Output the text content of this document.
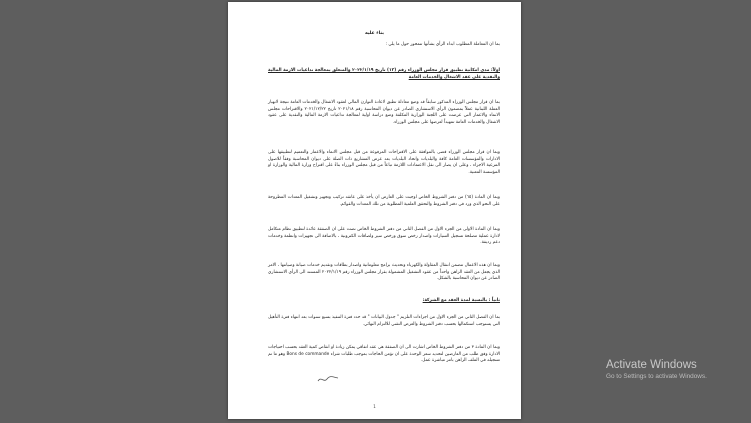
بناء عليه

بما ان المعاملة المطلوب ابداء الرأي بشأنها تتمحور حول ما يلي :

اولاً: مدى امكانية تطبيق قرار مجلس الوزراء رقم (١٣) تاريخ ٢٠٢٢/١/١٩ والمتعلق بمعالجة تداعيات الازمة المالية والنقدية على عقد الاشغال والخدمات العامة

بما ان قرار مجلس الوزراء المذكور سابقاً قد وضع معادلة تطبق لاعادة التوازن المالي لعقود الاشغال والخدمات العامة نتيجة لانهيار العملة اللبنانية عملاً بمضمون الرأي الاستشاري الصادر عن ديوان المحاسبة رقم ٢٠٢١/١٨ تاريخ ٢٠٢١/١٢/٢٢ والاقتراحات مجلس الانماء والاعمار التي عرضت على اللجنة الوزارية المكلفة وضع دراسة اولية لمعالجة تداعيات الازمة المالية والنقدية على عقود الاشغال والخدمات العامة تمهيداً لعرضها على مجلس الوزراء.

وبما ان قرار مجلس الوزراء قضى بالموافقة على الاقتراحات المرفوعة من قبل مجلس الانماء والاعمار والتعميم لتطبيقها على الادارات والمؤسسات العامة كافة والبلديات واتحاد البلديات بعد عرض المشاريع ذات الصلة على ديوان المحاسبة وفقاً للاصول المرعية الاجراء ، وعلى ان يصار الى نقل الاعتمادات اللازمة تباعاً من قبل مجلس الوزراء بناءً على اقتراح وزارة المالية والوزارة او المؤسسة المعنية.

وبما ان المادة (٦٥) من دفتر الشروط الخاص اوجبت على العارض ان يأخذ على عاتقه تركيب وتجهيز وتشغيل المعدات المطروحة على النحو الذي ورد في دفتر الشروط والتحقق العلمية المطلوبة من تلك المعدات والقوائم.

وبما ان المادة الاولى من الجزء الاول من الفصل الثاني من دفتر الشروط الخاص نصت على ان الصفقة عائدة لتطبيق نظام متكامل لادارة عملية مصلحة تسجيل السيارات واصدار رخص سوق ورخص سير ولصاقات الكترونية ، بالاضافة الى تجهيزات وانظمة وخدمات دعم رديفة.

وبما ان هذه الاعمال تتضمن انتقال المقاولة والكهرباء وتحديث برامج معلوماتية واصدار بطاقات وتقديم خدمات صيانة وصيانتها ، الامر الذي يجعل من العقد الراهن واحداً من عقود التشغيل المشمولة بقرار مجلس الوزراء رقم ٢٠٢٢/١/١٩ المستند الى الرأي الاستشاري الصادر عن ديوان المحاسبة بالشكل.

ثانياً : بالنسبة لمدة العقد مع الشركة:

بما ان الفصل الثاني من الجزء الاول من اجراءات التلزيم " جدول البيانات " قد حدد فترة التنفيذ بسبع سنوات بعد انتهاء فترة التأهيل التي يستوجب استكمالها بحسب دفتر الشروط والعرض التقني للالتزام النهائي.

وبما ان المادة ٣ من دفتر الشروط الخاص اشارت الى ان الصفقة هي عقد اتفاقي يمكن زيادة او انقاص كمية العقد بحسب احتياجات الادارة وفق طلب من العارضين لتحديد سعر الوحدة على ان تؤمن الحاجات بموجب طلبات شراء Bons de commande وهو ما تم تسجيله في الملف الراهن بامر مباشرة عمل.

1
Activate Windows
Go to Settings to activate Windows.
